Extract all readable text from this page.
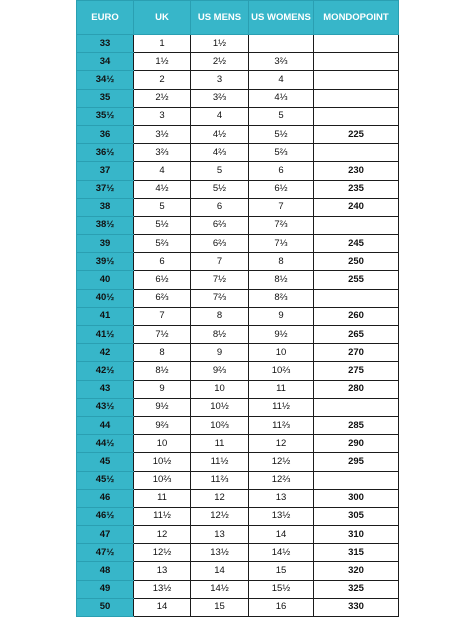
EURO	UK	US MENS	US WOMENS	MONDOPOINT
33	1	1½		
34	1½	2½	3⅔	
34½	2	3	4	
35	2½	3⅔	4⅓	
35½	3	4	5	
36	3½	4½	5½	225
36½	3⅔	4⅔	5⅔	
37	4	5	6	230
37½	4½	5½	6½	235
38	5	6	7	240
38½	5½	6⅔	7⅔	
39	5⅔	6⅔	7⅓	245
39½	6	7	8	250
40	6½	7½	8½	255
40½	6⅔	7⅔	8⅔	
41	7	8	9	260
41½	7½	8½	9½	265
42	8	9	10	270
42½	8½	9⅔	10⅔	275
43	9	10	11	280
43½	9½	10½	11½	
44	9⅔	10⅔	11⅔	285
44½	10	11	12	290
45	10½	11½	12½	295
45½	10⅔	11⅔	12⅔	
46	11	12	13	300
46½	11½	12½	13½	305
47	12	13	14	310
47½	12½	13½	14½	315
48	13	14	15	320
49	13½	14½	15½	325
50	14	15	16	330
